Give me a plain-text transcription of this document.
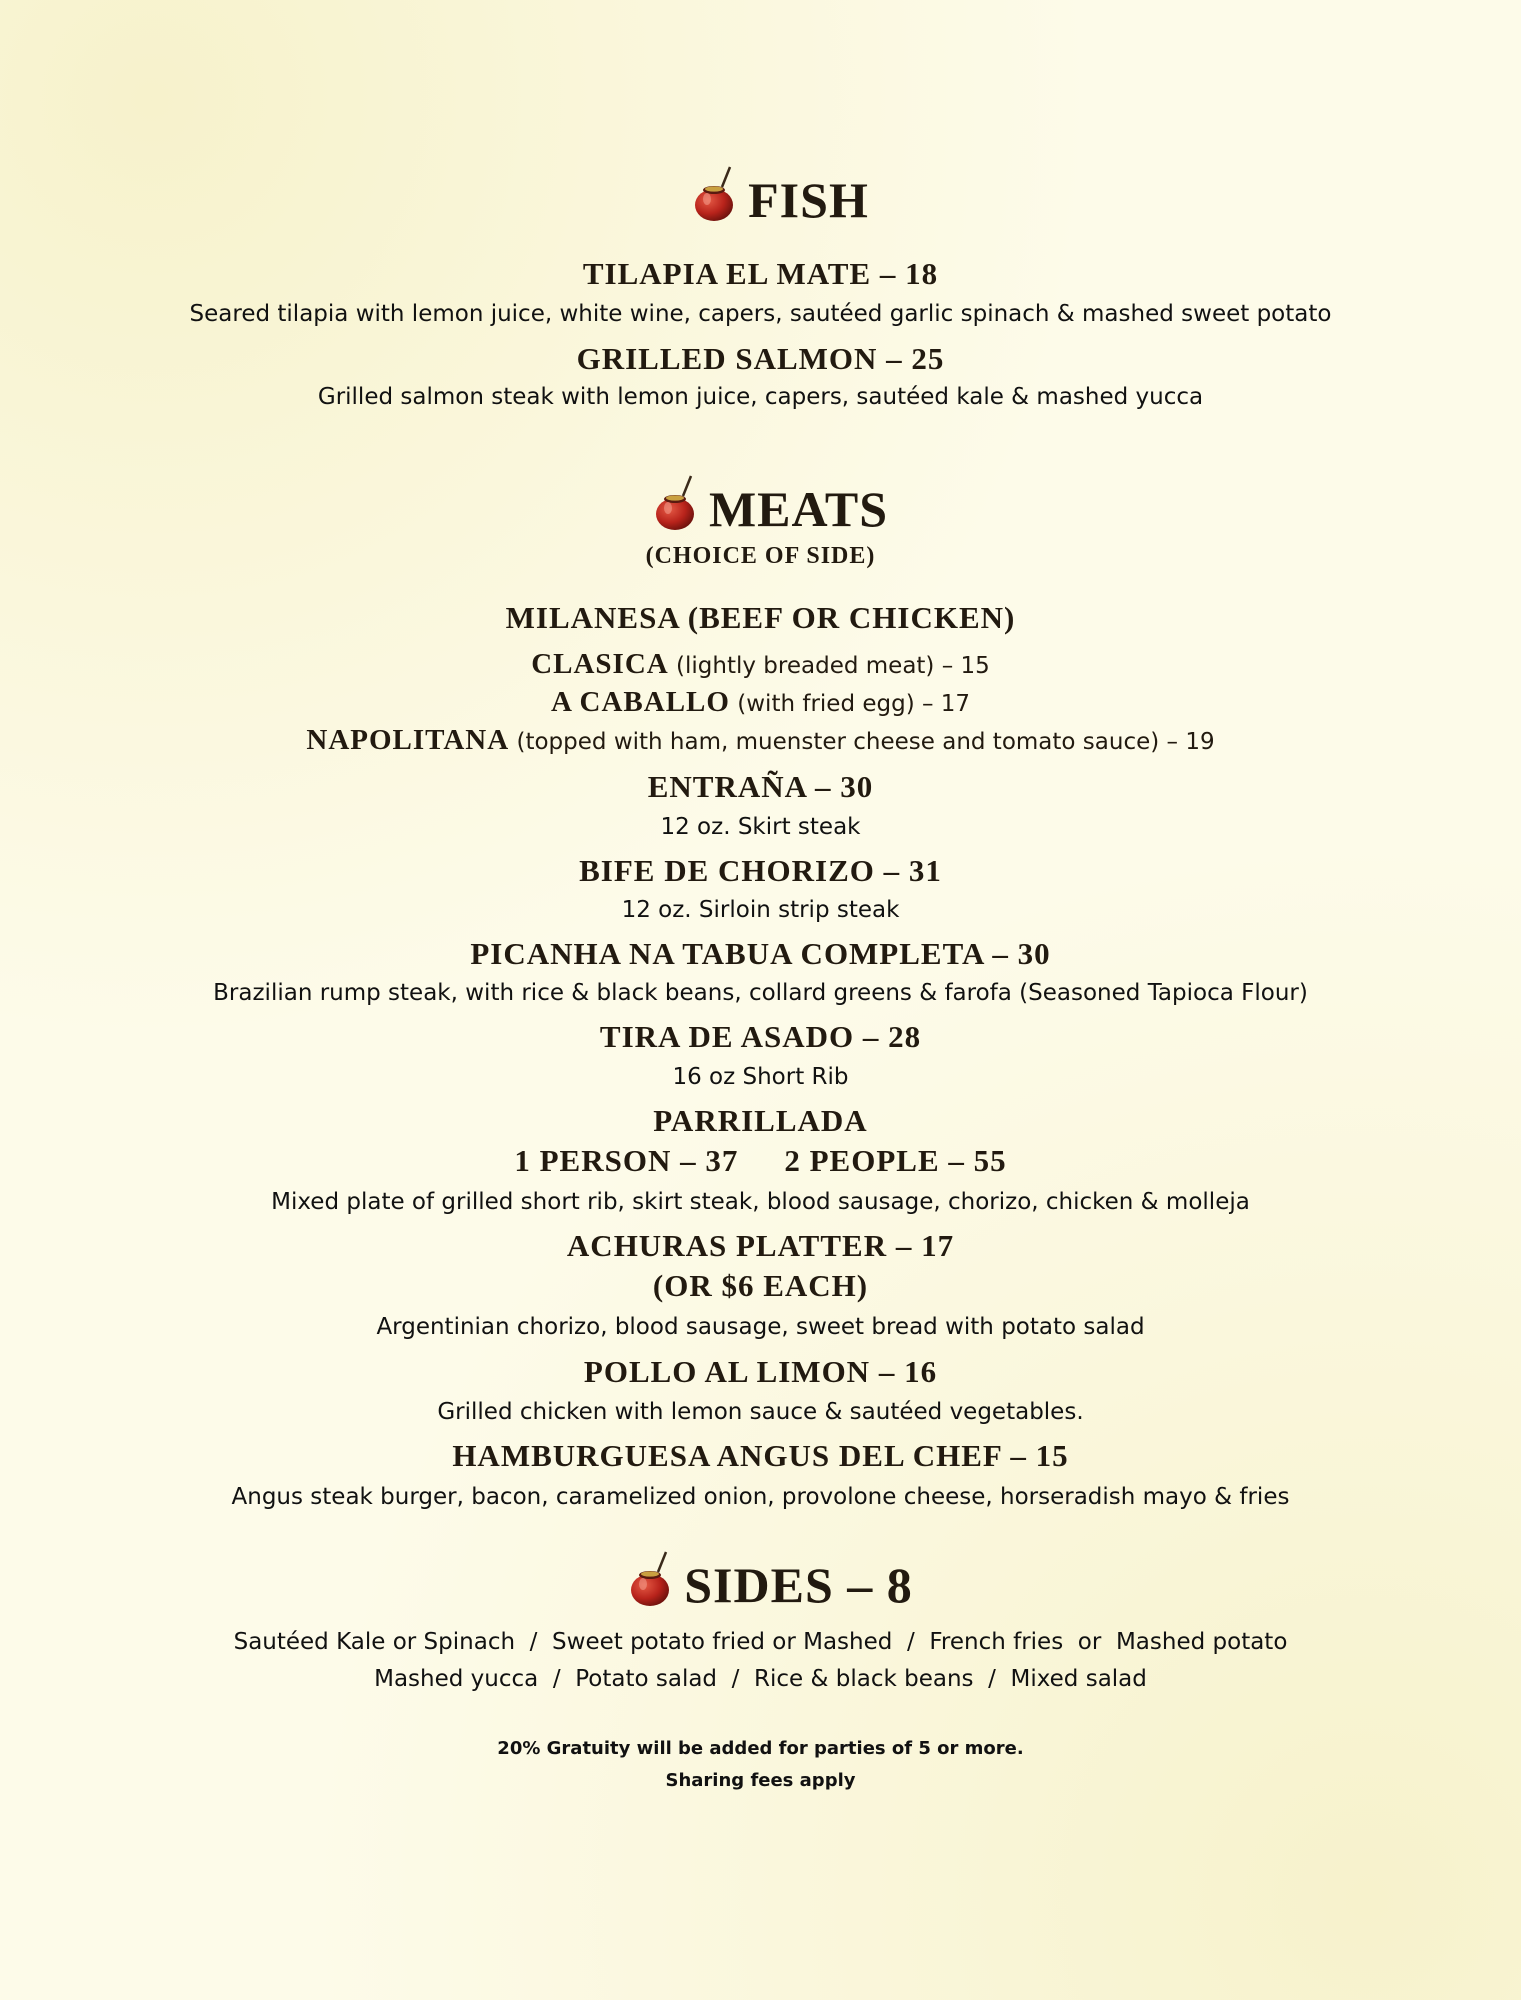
FISH
TILAPIA EL MATE – 18
Seared tilapia with lemon juice, white wine, capers, sautéed garlic spinach & mashed sweet potato
GRILLED SALMON – 25
Grilled salmon steak with lemon juice, capers, sautéed kale & mashed yucca
MEATS
(CHOICE OF SIDE)
MILANESA (BEEF OR CHICKEN)
CLASICA (lightly breaded meat) – 15
A CABALLO (with fried egg) – 17
NAPOLITANA (topped with ham, muenster cheese and tomato sauce) – 19
ENTRAÑA – 30
12 oz. Skirt steak
BIFE DE CHORIZO – 31
12 oz. Sirloin strip steak
PICANHA NA TABUA COMPLETA – 30
Brazilian rump steak, with rice & black beans, collard greens & farofa (Seasoned Tapioca Flour)
TIRA DE ASADO – 28
16 oz Short Rib
PARRILLADA
1 PERSON – 37 2 PEOPLE – 55
Mixed plate of grilled short rib, skirt steak, blood sausage, chorizo, chicken & molleja
ACHURAS PLATTER – 17
(OR $6 EACH)
Argentinian chorizo, blood sausage, sweet bread with potato salad
POLLO AL LIMON – 16
Grilled chicken with lemon sauce & sautéed vegetables.
HAMBURGUESA ANGUS DEL CHEF – 15
Angus steak burger, bacon, caramelized onion, provolone cheese, horseradish mayo & fries
SIDES – 8
Sautéed Kale or Spinach  /  Sweet potato fried or Mashed  /  French fries  or  Mashed potato
Mashed yucca  /  Potato salad  /  Rice & black beans  /  Mixed salad
20% Gratuity will be added for parties of 5 or more.
Sharing fees apply
